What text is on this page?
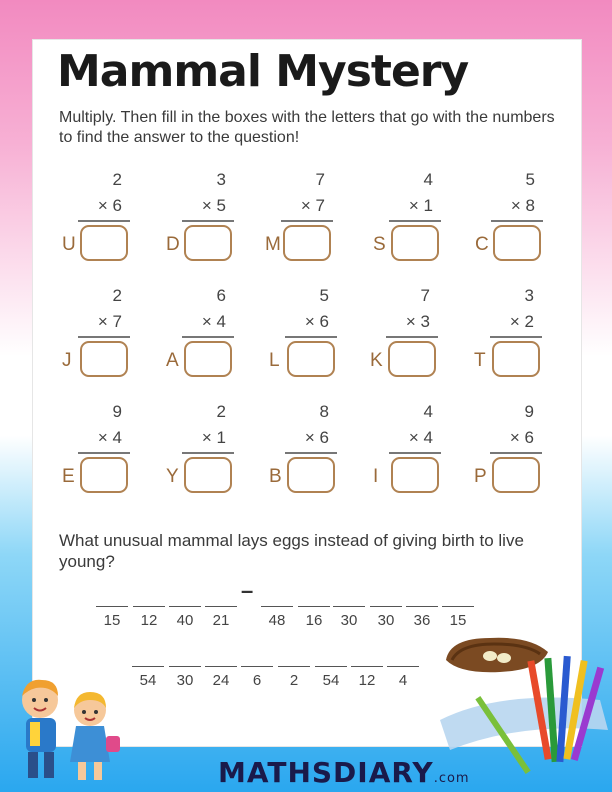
Mammal Mystery
Multiply. Then fill in the boxes with the letters that go with the numbers to find the answer to the question!
2
× 6
U
3
× 5
D
7
× 7
M
4
× 1
S
5
× 8
C
2
× 7
J
6
× 4
A
5
× 6
L
7
× 3
K
3
× 2
T
9
× 4
E
2
× 1
Y
8
× 6
B
4
× 4
I
9
× 6
P
What unusual mammal lays eggs instead of giving birth to live young?
15	12	40	21
–
48	16	30	30	36	15
54	30	24	6	2	54	12	4
MATHSDIARY.com
